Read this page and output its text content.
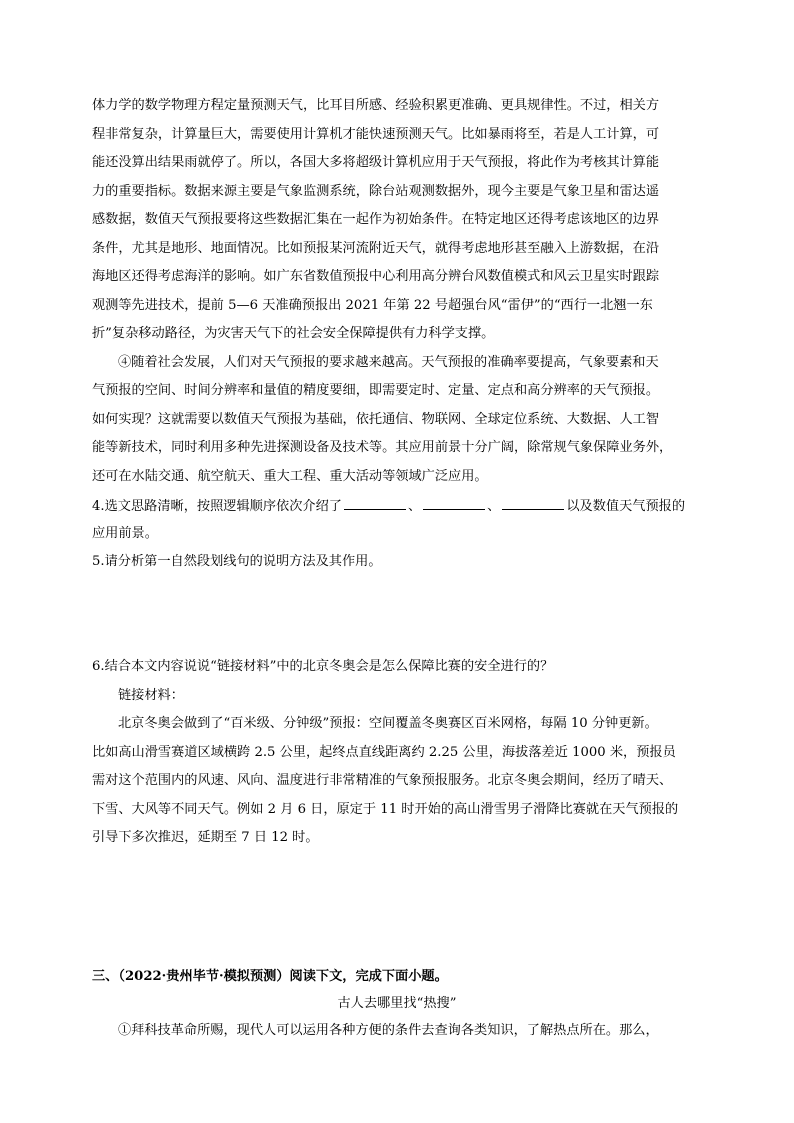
体力学的数学物理方程定量预测天气，比耳目所感、经验积累更准确、更具规律性。不过，相关方
程非常复杂，计算量巨大，需要使用计算机才能快速预测天气。比如暴雨将至，若是人工计算，可
能还没算出结果雨就停了。所以，各国大多将超级计算机应用于天气预报，将此作为考核其计算能
力的重要指标。数据来源主要是气象监测系统，除台站观测数据外，现今主要是气象卫星和雷达遥
感数据，数值天气预报要将这些数据汇集在一起作为初始条件。在特定地区还得考虑该地区的边界
条件，尤其是地形、地面情况。比如预报某河流附近天气，就得考虑地形甚至融入上游数据，在沿
海地区还得考虑海洋的影响。如广东省数值预报中心利用高分辨台风数值模式和风云卫星实时跟踪
观测等先进技术，提前 5—6 天准确预报出 2021 年第 22 号超强台风“雷伊”的“西行一北翘一东
折”复杂移动路径，为灾害天气下的社会安全保障提供有力科学支撑。
④随着社会发展，人们对天气预报的要求越来越高。天气预报的准确率要提高，气象要素和天
气预报的空间、时间分辨率和量值的精度要细，即需要定时、定量、定点和高分辨率的天气预报。
如何实现？这就需要以数值天气预报为基础，依托通信、物联网、全球定位系统、大数据、人工智
能等新技术，同时利用多种先进探测设备及技术等。其应用前景十分广阔，除常规气象保障业务外，
还可在水陆交通、航空航天、重大工程、重大活动等领域广泛应用。
4.选文思路清晰，按照逻辑顺序依次介绍了	、	、	以及数值天气预报的
应用前景。
5.请分析第一自然段划线句的说明方法及其作用。
6.结合本文内容说说“链接材料”中的北京冬奥会是怎么保障比赛的安全进行的？
链接材料：
北京冬奥会做到了“百米级、分钟级”预报：空间覆盖冬奥赛区百米网格，每隔 10 分钟更新。
比如高山滑雪赛道区域横跨 2.5 公里，起终点直线距离约 2.25 公里，海拔落差近 1000 米，预报员
需对这个范围内的风速、风向、温度进行非常精准的气象预报服务。北京冬奥会期间，经历了晴天、
下雪、大风等不同天气。例如 2 月 6 日，原定于 11 时开始的高山滑雪男子滑降比赛就在天气预报的
引导下多次推迟，延期至 7 日 12 时。
三、（2022·贵州毕节·模拟预测）阅读下文，完成下面小题。
古人去哪里找“热搜”
①拜科技革命所赐，现代人可以运用各种方便的条件去查询各类知识，了解热点所在。那么，
